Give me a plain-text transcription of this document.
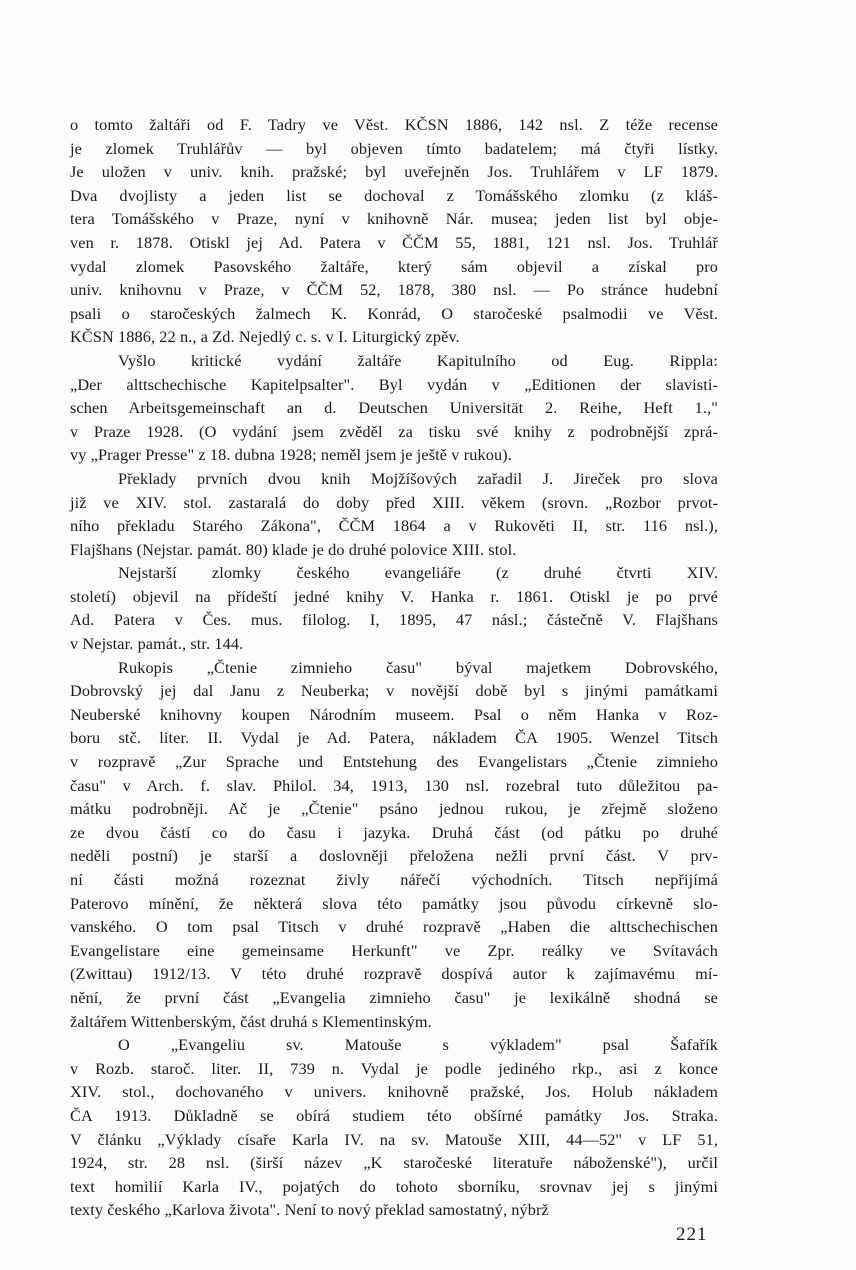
o tomto žaltáři od F. Tadry ve Věst. KČSN 1886, 142 nsl. Z téže recense
je zlomek Truhlářův — byl objeven tímto badatelem; má čtyři lístky.
Je uložen v univ. knih. pražské; byl uveřejněn Jos. Truhlářem v LF 1879.
Dva dvojlisty a jeden list se dochoval z Tomášského zlomku (z kláš-
tera Tomášského v Praze, nyní v knihovně Nár. musea; jeden list byl obje-
ven r. 1878. Otiskl jej Ad. Patera v ČČM 55, 1881, 121 nsl. Jos. Truhlář
vydal zlomek Pasovského žaltáře, který sám objevil a získal pro
univ. knihovnu v Praze, v ČČM 52, 1878, 380 nsl. — Po stránce hudební
psali o staročeských žalmech K. Konrád, O staročeské psalmodii ve Věst.
KČSN 1886, 22 n., a Zd. Nejedlý c. s. v I. Liturgický zpěv.
Vyšlo kritické vydání žaltáře Kapitulního od Eug. Rippla:
„Der alttschechische Kapitelpsalter". Byl vydán v „Editionen der slavisti-
schen Arbeitsgemeinschaft an d. Deutschen Universität 2. Reihe, Heft 1.,"
v Praze 1928. (O vydání jsem zvěděl za tisku své knihy z podrobnější zprá-
vy „Prager Presse" z 18. dubna 1928; neměl jsem je ještě v rukou).
Překlady prvních dvou knih Mojžíšových zařadil J. Jireček pro slova
již ve XIV. stol. zastaralá do doby před XIII. věkem (srovn. „Rozbor prvot-
ního překladu Starého Zákona", ČČM 1864 a v Rukověti II, str. 116 nsl.),
Flajšhans (Nejstar. památ. 80) klade je do druhé polovice XIII. stol.
Nejstarší zlomky českého evangeliáře (z druhé čtvrti XIV.
století) objevil na přídeští jedné knihy V. Hanka r. 1861. Otiskl je po prvé
Ad. Patera v Čes. mus. filolog. I, 1895, 47 násl.; částečně V. Flajšhans
v Nejstar. památ., str. 144.
Rukopis „Čtenie zimnieho času" býval majetkem Dobrovského,
Dobrovský jej dal Janu z Neuberka; v novější době byl s jinými památkami
Neuberské knihovny koupen Národním museem. Psal o něm Hanka v Roz-
boru stč. liter. II. Vydal je Ad. Patera, nákladem ČA 1905. Wenzel Titsch
v rozpravě „Zur Sprache und Entstehung des Evangelistars „Čtenie zimnieho
času" v Arch. f. slav. Philol. 34, 1913, 130 nsl. rozebral tuto důležitou pa-
mátku podrobněji. Ač je „Čtenie" psáno jednou rukou, je zřejmě složeno
ze dvou částí co do času i jazyka. Druhá část (od pátku po druhé
neděli postní) je starší a doslovněji přeložena nežli první část. V prv-
ní části možná rozeznat živly nářečí východních. Titsch nepřijímá
Paterovo mínění, že některá slova této památky jsou původu církevně slo-
vanského. O tom psal Titsch v druhé rozpravě „Haben die alttschechischen
Evangelistare eine gemeinsame Herkunft" ve Zpr. reálky ve Svítavách
(Zwittau) 1912/13. V této druhé rozpravě dospívá autor k zajímavému mí-
nění, že první část „Evangelia zimnieho času" je lexikálně shodná se
žaltářem Wittenberským, část druhá s Klementinským.
O „Evangeliu sv. Matouše s výkladem" psal Šafařík
v Rozb. staroč. liter. II, 739 n. Vydal je podle jediného rkp., asi z konce
XIV. stol., dochovaného v univers. knihovně pražské, Jos. Holub nákladem
ČA 1913. Důkladně se obírá studiem této obšírné památky Jos. Straka.
V článku „Výklady císaře Karla IV. na sv. Matouše XIII, 44—52" v LF 51,
1924, str. 28 nsl. (širší název „K staročeské literatuře náboženské"), určil
text homilií Karla IV., pojatých do tohoto sborníku, srovnav jej s jinými
texty českého „Karlova života". Není to nový překlad samostatný, nýbrž
221
